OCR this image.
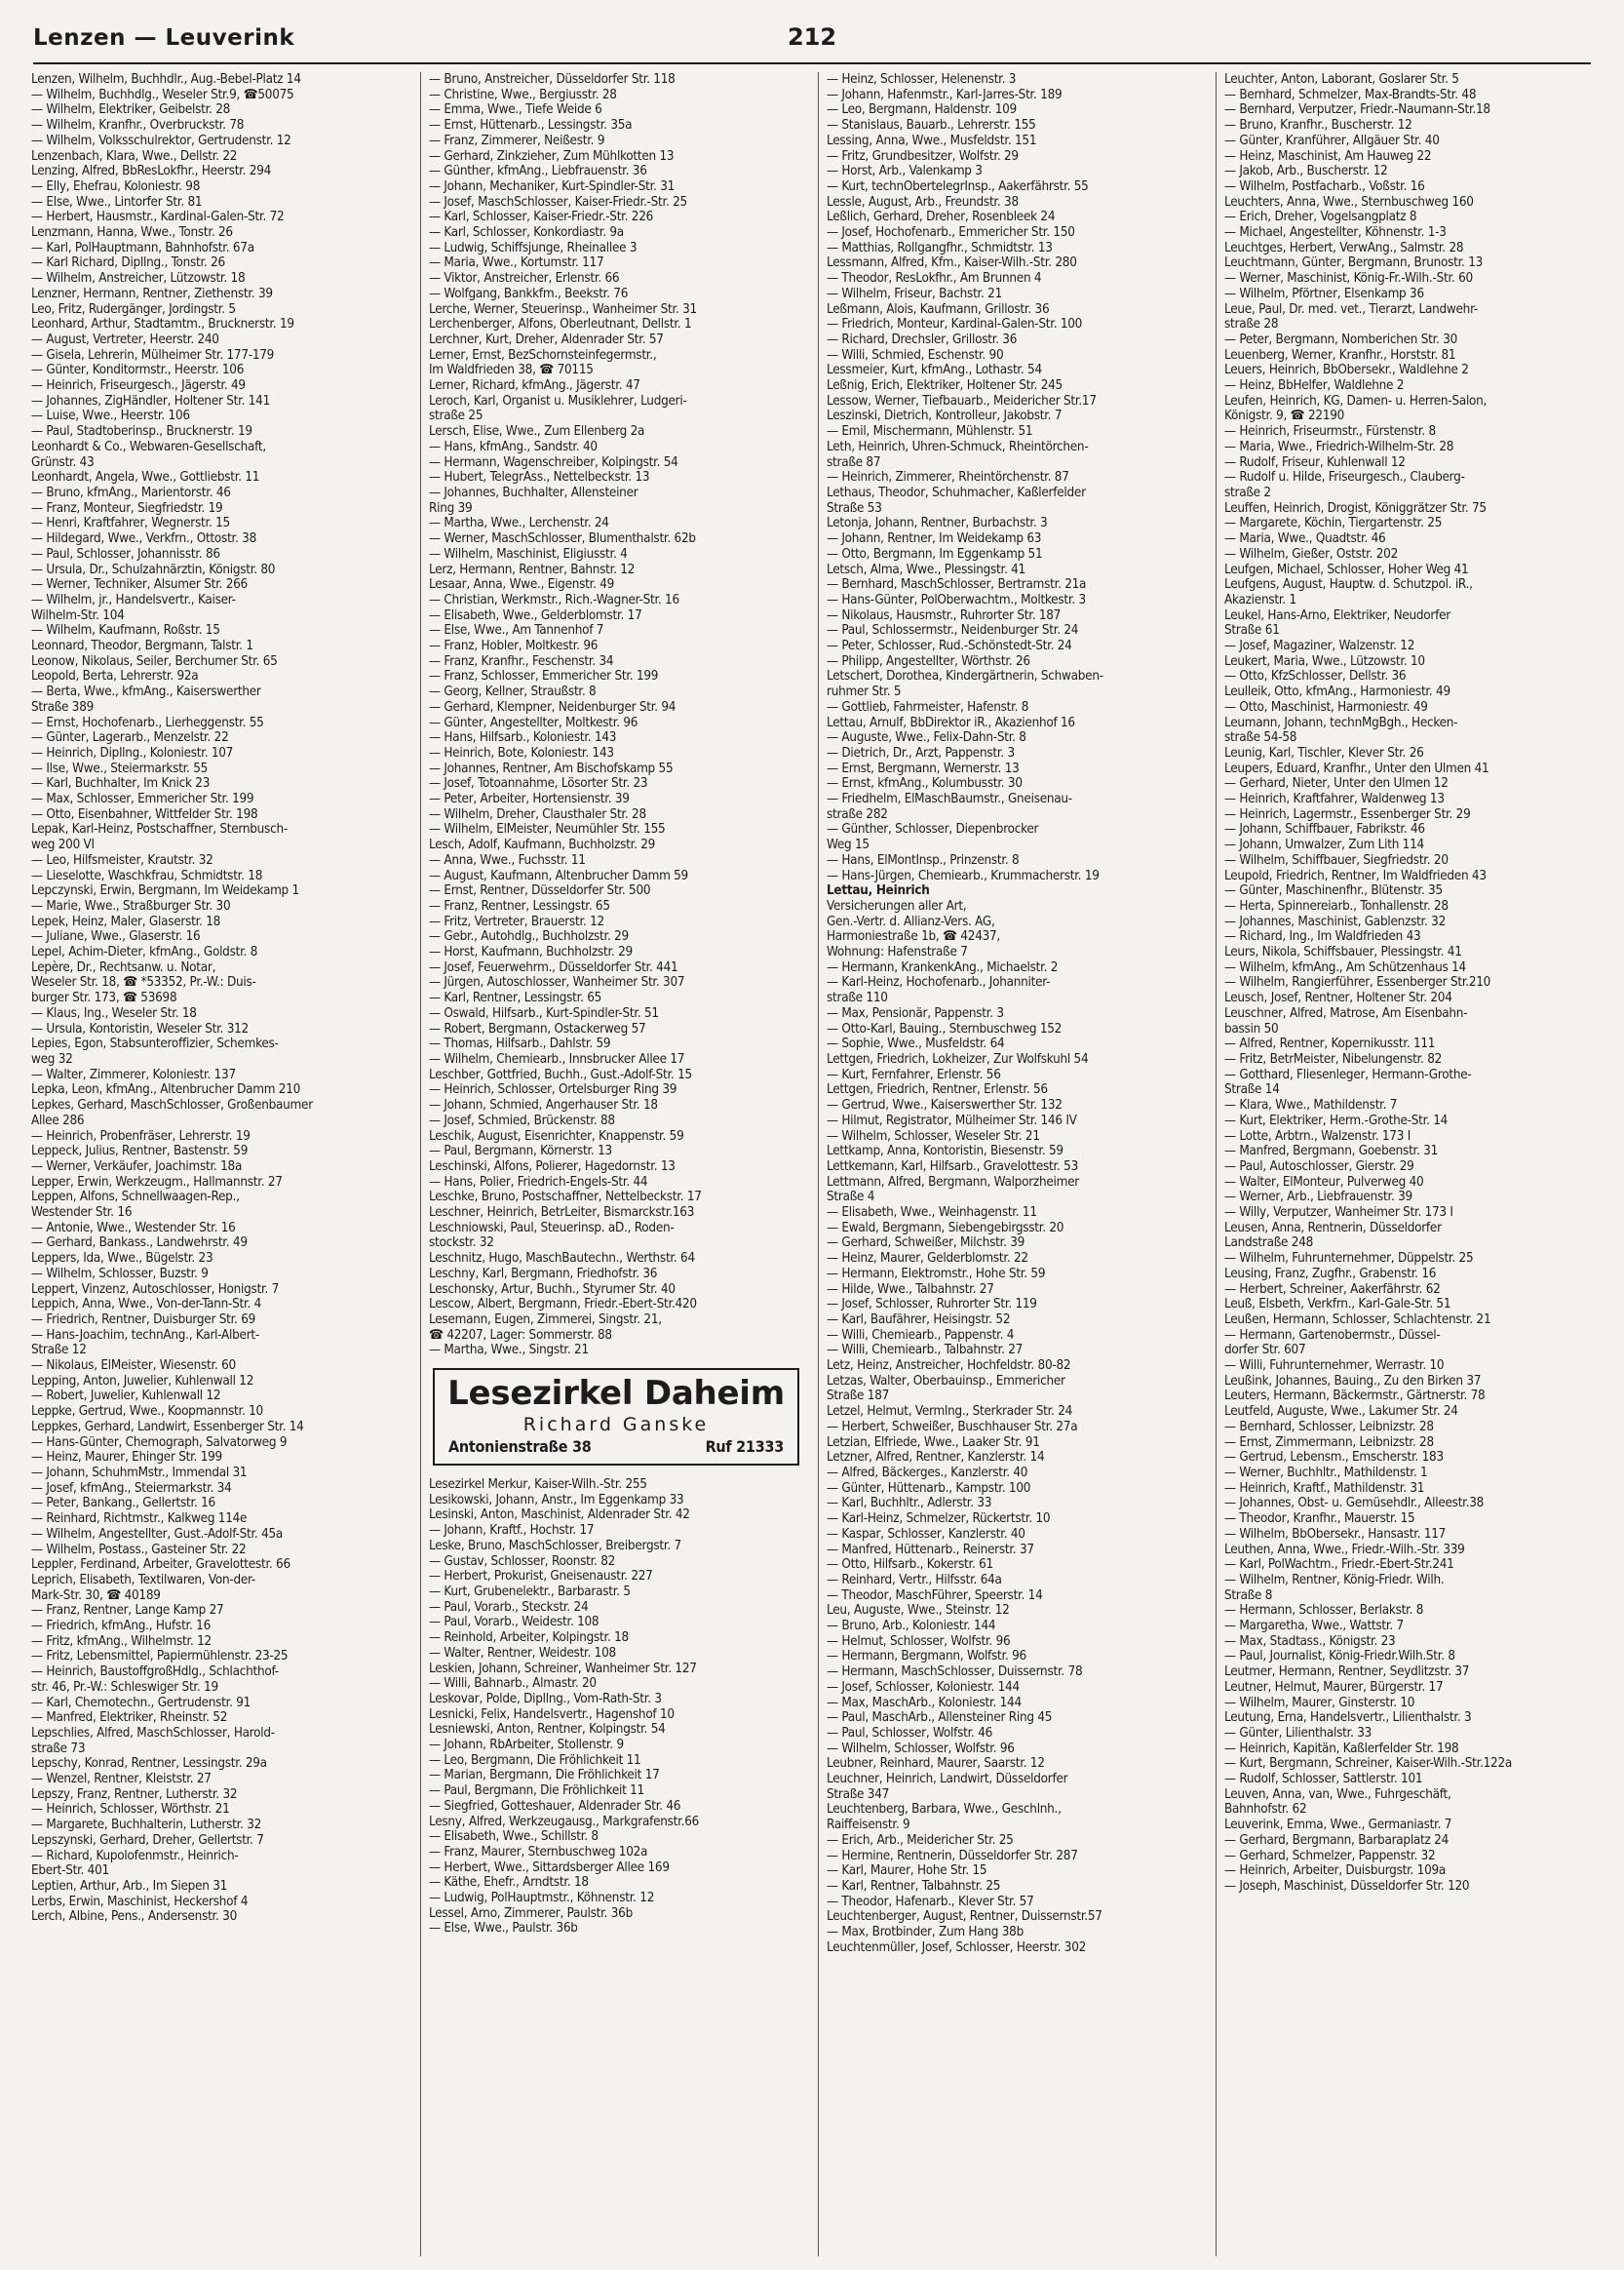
Lenzen — Leuverink	212
Lenzen, Wilhelm, Buchhdlr., Aug.-Bebel-Platz 14
— Wilhelm, Buchhdlg., Weseler Str.9, ☎50075
— Wilhelm, Elektriker, Geibelstr. 28
— Wilhelm, Kranfhr., Overbruckstr. 78
— Wilhelm, Volksschulrektor, Gertrudenstr. 12
Lenzenbach, Klara, Wwe., Dellstr. 22
Lenzing, Alfred, BbResLokfhr., Heerstr. 294
— Elly, Ehefrau, Koloniestr. 98
— Else, Wwe., Lintorfer Str. 81
— Herbert, Hausmstr., Kardinal-Galen-Str. 72
Lenzmann, Hanna, Wwe., Tonstr. 26
— Karl, PolHauptmann, Bahnhofstr. 67a
— Karl Richard, Dipllng., Tonstr. 26
— Wilhelm, Anstreicher, Lützowstr. 18
Lenzner, Hermann, Rentner, Ziethenstr. 39
Leo, Fritz, Rudergänger, Jordingstr. 5
Leonhard, Arthur, Stadtamtm., Brucknerstr. 19
— August, Vertreter, Heerstr. 240
— Gisela, Lehrerin, Mülheimer Str. 177-179
— Günter, Konditormstr., Heerstr. 106
— Heinrich, Friseurgesch., Jägerstr. 49
— Johannes, ZigHändler, Holtener Str. 141
— Luise, Wwe., Heerstr. 106
— Paul, Stadtoberinsp., Brucknerstr. 19
Leonhardt & Co., Webwaren-Gesellschaft,
Grünstr. 43
Leonhardt, Angela, Wwe., Gottliebstr. 11
— Bruno, kfmAng., Marientorstr. 46
— Franz, Monteur, Siegfriedstr. 19
— Henri, Kraftfahrer, Wegnerstr. 15
— Hildegard, Wwe., Verkfrn., Ottostr. 38
— Paul, Schlosser, Johannisstr. 86
— Ursula, Dr., Schulzahnärztin, Königstr. 80
— Werner, Techniker, Alsumer Str. 266
— Wilhelm, jr., Handelsvertr., Kaiser-
Wilhelm-Str. 104
— Wilhelm, Kaufmann, Roßstr. 15
Leonnard, Theodor, Bergmann, Talstr. 1
Leonow, Nikolaus, Seiler, Berchumer Str. 65
Leopold, Berta, Lehrerstr. 92a
— Berta, Wwe., kfmAng., Kaiserswerther
Straße 389
— Ernst, Hochofenarb., Lierheggenstr. 55
— Günter, Lagerarb., Menzelstr. 22
— Heinrich, Dipllng., Koloniestr. 107
— Ilse, Wwe., Steiermarkstr. 55
— Karl, Buchhalter, Im Knick 23
— Max, Schlosser, Emmericher Str. 199
— Otto, Eisenbahner, Wittfelder Str. 198
Lepak, Karl-Heinz, Postschaffner, Sternbusch-
weg 200 VI
— Leo, Hilfsmeister, Krautstr. 32
— Lieselotte, Waschkfrau, Schmidtstr. 18
Lepczynski, Erwin, Bergmann, Im Weidekamp 1
— Marie, Wwe., Straßburger Str. 30
Lepek, Heinz, Maler, Glaserstr. 18
— Juliane, Wwe., Glaserstr. 16
Lepel, Achim-Dieter, kfmAng., Goldstr. 8
Lepère, Dr., Rechtsanw. u. Notar,
Weseler Str. 18, ☎ *53352, Pr.-W.: Duis-
burger Str. 173, ☎ 53698
— Klaus, Ing., Weseler Str. 18
— Ursula, Kontoristin, Weseler Str. 312
Lepies, Egon, Stabsunteroffizier, Schemkes-
weg 32
— Walter, Zimmerer, Koloniestr. 137
Lepka, Leon, kfmAng., Altenbrucher Damm 210
Lepkes, Gerhard, MaschSchlosser, Großenbaumer
Allee 286
— Heinrich, Probenfräser, Lehrerstr. 19
Leppeck, Julius, Rentner, Bastenstr. 59
— Werner, Verkäufer, Joachimstr. 18a
Lepper, Erwin, Werkzeugm., Hallmannstr. 27
Leppen, Alfons, Schnellwaagen-Rep.,
Westender Str. 16
— Antonie, Wwe., Westender Str. 16
— Gerhard, Bankass., Landwehrstr. 49
Leppers, Ida, Wwe., Bügelstr. 23
— Wilhelm, Schlosser, Buzstr. 9
Leppert, Vinzenz, Autoschlosser, Honigstr. 7
Leppich, Anna, Wwe., Von-der-Tann-Str. 4
— Friedrich, Rentner, Duisburger Str. 69
— Hans-Joachim, technAng., Karl-Albert-
Straße 12
— Nikolaus, ElMeister, Wiesenstr. 60
Lepping, Anton, Juwelier, Kuhlenwall 12
— Robert, Juwelier, Kuhlenwall 12
Leppke, Gertrud, Wwe., Koopmannstr. 10
Leppkes, Gerhard, Landwirt, Essenberger Str. 14
— Hans-Günter, Chemograph, Salvatorweg 9
— Heinz, Maurer, Ehinger Str. 199
— Johann, SchuhmMstr., Immendal 31
— Josef, kfmAng., Steiermarkstr. 34
— Peter, Bankang., Gellertstr. 16
— Reinhard, Richtmstr., Kalkweg 114e
— Wilhelm, Angestellter, Gust.-Adolf-Str. 45a
— Wilhelm, Postass., Gasteiner Str. 22
Leppler, Ferdinand, Arbeiter, Gravelottestr. 66
Leprich, Elisabeth, Textilwaren, Von-der-
Mark-Str. 30, ☎ 40189
— Franz, Rentner, Lange Kamp 27
— Friedrich, kfmAng., Hufstr. 16
— Fritz, kfmAng., Wilhelmstr. 12
— Fritz, Lebensmittel, Papiermühlenstr. 23-25
— Heinrich, BaustoffgroßHdlg., Schlachthof-
str. 46, Pr.-W.: Schleswiger Str. 19
— Karl, Chemotechn., Gertrudenstr. 91
— Manfred, Elektriker, Rheinstr. 52
Lepschlies, Alfred, MaschSchlosser, Harold-
straße 73
Lepschy, Konrad, Rentner, Lessingstr. 29a
— Wenzel, Rentner, Kleiststr. 27
Lepszy, Franz, Rentner, Lutherstr. 32
— Heinrich, Schlosser, Wörthstr. 21
— Margarete, Buchhalterin, Lutherstr. 32
Lepszynski, Gerhard, Dreher, Gellertstr. 7
— Richard, Kupolofenmstr., Heinrich-
Ebert-Str. 401
Leptien, Arthur, Arb., Im Siepen 31
Lerbs, Erwin, Maschinist, Heckershof 4
Lerch, Albine, Pens., Andersenstr. 30
— Bruno, Anstreicher, Düsseldorfer Str. 118
— Christine, Wwe., Bergiusstr. 28
— Emma, Wwe., Tiefe Weide 6
— Ernst, Hüttenarb., Lessingstr. 35a
— Franz, Zimmerer, Neißestr. 9
— Gerhard, Zinkzieher, Zum Mühlkotten 13
— Günther, kfmAng., Liebfrauenstr. 36
— Johann, Mechaniker, Kurt-Spindler-Str. 31
— Josef, MaschSchlosser, Kaiser-Friedr.-Str. 25
— Karl, Schlosser, Kaiser-Friedr.-Str. 226
— Karl, Schlosser, Konkordiastr. 9a
— Ludwig, Schiffsjunge, Rheinallee 3
— Maria, Wwe., Kortumstr. 117
— Viktor, Anstreicher, Erlenstr. 66
— Wolfgang, Bankkfm., Beekstr. 76
Lerche, Werner, Steuerinsp., Wanheimer Str. 31
Lerchenberger, Alfons, Oberleutnant, Dellstr. 1
Lerchner, Kurt, Dreher, Aldenrader Str. 57
Lerner, Ernst, BezSchornsteinfegermstr.,
Im Waldfrieden 38, ☎ 70115
Lerner, Richard, kfmAng., Jägerstr. 47
Leroch, Karl, Organist u. Musiklehrer, Ludgeri-
straße 25
Lersch, Elise, Wwe., Zum Ellenberg 2a
— Hans, kfmAng., Sandstr. 40
— Hermann, Wagenschreiber, Kolpingstr. 54
— Hubert, TelegrAss., Nettelbeckstr. 13
— Johannes, Buchhalter, Allensteiner
Ring 39
— Martha, Wwe., Lerchenstr. 24
— Werner, MaschSchlosser, Blumenthalstr. 62b
— Wilhelm, Maschinist, Eligiusstr. 4
Lerz, Hermann, Rentner, Bahnstr. 12
Lesaar, Anna, Wwe., Eigenstr. 49
— Christian, Werkmstr., Rich.-Wagner-Str. 16
— Elisabeth, Wwe., Gelderblomstr. 17
— Else, Wwe., Am Tannenhof 7
— Franz, Hobler, Moltkestr. 96
— Franz, Kranfhr., Feschenstr. 34
— Franz, Schlosser, Emmericher Str. 199
— Georg, Kellner, Straußstr. 8
— Gerhard, Klempner, Neidenburger Str. 94
— Günter, Angestellter, Moltkestr. 96
— Hans, Hilfsarb., Koloniestr. 143
— Heinrich, Bote, Koloniestr. 143
— Johannes, Rentner, Am Bischofskamp 55
— Josef, Totoannahme, Lösorter Str. 23
— Peter, Arbeiter, Hortensienstr. 39
— Wilhelm, Dreher, Clausthaler Str. 28
— Wilhelm, ElMeister, Neumühler Str. 155
Lesch, Adolf, Kaufmann, Buchholzstr. 29
— Anna, Wwe., Fuchsstr. 11
— August, Kaufmann, Altenbrucher Damm 59
— Ernst, Rentner, Düsseldorfer Str. 500
— Franz, Rentner, Lessingstr. 65
— Fritz, Vertreter, Brauerstr. 12
— Gebr., Autohdlg., Buchholzstr. 29
— Horst, Kaufmann, Buchholzstr. 29
— Josef, Feuerwehrm., Düsseldorfer Str. 441
— Jürgen, Autoschlosser, Wanheimer Str. 307
— Karl, Rentner, Lessingstr. 65
— Oswald, Hilfsarb., Kurt-Spindler-Str. 51
— Robert, Bergmann, Ostackerweg 57
— Thomas, Hilfsarb., Dahlstr. 59
— Wilhelm, Chemiearb., Innsbrucker Allee 17
Leschber, Gottfried, Buchh., Gust.-Adolf-Str. 15
— Heinrich, Schlosser, Ortelsburger Ring 39
— Johann, Schmied, Angerhauser Str. 18
— Josef, Schmied, Brückenstr. 88
Leschik, August, Eisenrichter, Knappenstr. 59
— Paul, Bergmann, Körnerstr. 13
Leschinski, Alfons, Polierer, Hagedornstr. 13
— Hans, Polier, Friedrich-Engels-Str. 44
Leschke, Bruno, Postschaffner, Nettelbeckstr. 17
Leschner, Heinrich, BetrLeiter, Bismarckstr.163
Leschniowski, Paul, Steuerinsp. aD., Roden-
stockstr. 32
Leschnitz, Hugo, MaschBautechn., Werthstr. 64
Leschny, Karl, Bergmann, Friedhofstr. 36
Leschonsky, Artur, Buchh., Styrumer Str. 40
Lescow, Albert, Bergmann, Friedr.-Ebert-Str.420
Lesemann, Eugen, Zimmerei, Singstr. 21,
☎ 42207, Lager: Sommerstr. 88
— Martha, Wwe., Singstr. 21
Lesezirkel Daheim
Richard Ganske
Antonienstraße 38	Ruf 21333
Lesezirkel Merkur, Kaiser-Wilh.-Str. 255
Lesikowski, Johann, Anstr., Im Eggenkamp 33
Lesinski, Anton, Maschinist, Aldenrader Str. 42
— Johann, Kraftf., Hochstr. 17
Leske, Bruno, MaschSchlosser, Breibergstr. 7
— Gustav, Schlosser, Roonstr. 82
— Herbert, Prokurist, Gneisenaustr. 227
— Kurt, Grubenelektr., Barbarastr. 5
— Paul, Vorarb., Steckstr. 24
— Paul, Vorarb., Weidestr. 108
— Reinhold, Arbeiter, Kolpingstr. 18
— Walter, Rentner, Weidestr. 108
Leskien, Johann, Schreiner, Wanheimer Str. 127
— Willi, Bahnarb., Almastr. 20
Leskovar, Polde, Dipllng., Vom-Rath-Str. 3
Lesnicki, Felix, Handelsvertr., Hagenshof 10
Lesniewski, Anton, Rentner, Kolpingstr. 54
— Johann, RbArbeiter, Stollenstr. 9
— Leo, Bergmann, Die Fröhlichkeit 11
— Marian, Bergmann, Die Fröhlichkeit 17
— Paul, Bergmann, Die Fröhlichkeit 11
— Siegfried, Gotteshauer, Aldenrader Str. 46
Lesny, Alfred, Werkzeugausg., Markgrafenstr.66
— Elisabeth, Wwe., Schillstr. 8
— Franz, Maurer, Sternbuschweg 102a
— Herbert, Wwe., Sittardsberger Allee 169
— Käthe, Ehefr., Arndtstr. 18
— Ludwig, PolHauptmstr., Köhnenstr. 12
Lessel, Arno, Zimmerer, Paulstr. 36b
— Else, Wwe., Paulstr. 36b
— Heinz, Schlosser, Helenenstr. 3
— Johann, Hafenmstr., Karl-Jarres-Str. 189
— Leo, Bergmann, Haldenstr. 109
— Stanislaus, Bauarb., Lehrerstr. 155
Lessing, Anna, Wwe., Musfeldstr. 151
— Fritz, Grundbesitzer, Wolfstr. 29
— Horst, Arb., Valenkamp 3
— Kurt, technObertelegrInsp., Aakerfährstr. 55
Lessle, August, Arb., Freundstr. 38
Leßlich, Gerhard, Dreher, Rosenbleek 24
— Josef, Hochofenarb., Emmericher Str. 150
— Matthias, Rollgangfhr., Schmidtstr. 13
Lessmann, Alfred, Kfm., Kaiser-Wilh.-Str. 280
— Theodor, ResLokfhr., Am Brunnen 4
— Wilhelm, Friseur, Bachstr. 21
Leßmann, Alois, Kaufmann, Grillostr. 36
— Friedrich, Monteur, Kardinal-Galen-Str. 100
— Richard, Drechsler, Grillostr. 36
— Willi, Schmied, Eschenstr. 90
Lessmeier, Kurt, kfmAng., Lothastr. 54
Leßnig, Erich, Elektriker, Holtener Str. 245
Lessow, Werner, Tiefbauarb., Meidericher Str.17
Leszinski, Dietrich, Kontrolleur, Jakobstr. 7
— Emil, Mischermann, Mühlenstr. 51
Leth, Heinrich, Uhren-Schmuck, Rheintörchen-
straße 87
— Heinrich, Zimmerer, Rheintörchenstr. 87
Lethaus, Theodor, Schuhmacher, Kaßlerfelder
Straße 53
Letonja, Johann, Rentner, Burbachstr. 3
— Johann, Rentner, Im Weidekamp 63
— Otto, Bergmann, Im Eggenkamp 51
Letsch, Alma, Wwe., Plessingstr. 41
— Bernhard, MaschSchlosser, Bertramstr. 21a
— Hans-Günter, PolOberwachtm., Moltkestr. 3
— Nikolaus, Hausmstr., Ruhrorter Str. 187
— Paul, Schlossermstr., Neidenburger Str. 24
— Peter, Schlosser, Rud.-Schönstedt-Str. 24
— Philipp, Angestellter, Wörthstr. 26
Letschert, Dorothea, Kindergärtnerin, Schwaben-
ruhmer Str. 5
— Gottlieb, Fahrmeister, Hafenstr. 8
Lettau, Arnulf, BbDirektor iR., Akazienhof 16
— Auguste, Wwe., Felix-Dahn-Str. 8
— Dietrich, Dr., Arzt, Pappenstr. 3
— Ernst, Bergmann, Wernerstr. 13
— Ernst, kfmAng., Kolumbusstr. 30
— Friedhelm, ElMaschBaumstr., Gneisenau-
straße 282
— Günther, Schlosser, Diepenbrocker
Weg 15
— Hans, ElMontInsp., Prinzenstr. 8
— Hans-Jürgen, Chemiearb., Krummacherstr. 19
Lettau, Heinrich
Versicherungen aller Art,
Gen.-Vertr. d. Allianz-Vers. AG,
Harmoniestraße 1b, ☎ 42437,
Wohnung: Hafenstraße 7
— Hermann, KrankenkAng., Michaelstr. 2
— Karl-Heinz, Hochofenarb., Johanniter-
straße 110
— Max, Pensionär, Pappenstr. 3
— Otto-Karl, Bauing., Sternbuschweg 152
— Sophie, Wwe., Musfeldstr. 64
Lettgen, Friedrich, Lokheizer, Zur Wolfskuhl 54
— Kurt, Fernfahrer, Erlenstr. 56
Lettgen, Friedrich, Rentner, Erlenstr. 56
— Gertrud, Wwe., Kaiserswerther Str. 132
— Hilmut, Registrator, Mülheimer Str. 146 IV
— Wilhelm, Schlosser, Weseler Str. 21
Lettkamp, Anna, Kontoristin, Biesenstr. 59
Lettkemann, Karl, Hilfsarb., Gravelottestr. 53
Lettmann, Alfred, Bergmann, Walporzheimer
Straße 4
— Elisabeth, Wwe., Weinhagenstr. 11
— Ewald, Bergmann, Siebengebirgsstr. 20
— Gerhard, Schweißer, Milchstr. 39
— Heinz, Maurer, Gelderblomstr. 22
— Hermann, Elektromstr., Hohe Str. 59
— Hilde, Wwe., Talbahnstr. 27
— Josef, Schlosser, Ruhrorter Str. 119
— Karl, Baufährer, Heisingstr. 52
— Willi, Chemiearb., Pappenstr. 4
— Willi, Chemiearb., Talbahnstr. 27
Letz, Heinz, Anstreicher, Hochfeldstr. 80-82
Letzas, Walter, Oberbauinsp., Emmericher
Straße 187
Letzel, Helmut, Vermlng., Sterkrader Str. 24
— Herbert, Schweißer, Buschhauser Str. 27a
Letzian, Elfriede, Wwe., Laaker Str. 91
Letzner, Alfred, Rentner, Kanzlerstr. 14
— Alfred, Bäckerges., Kanzlerstr. 40
— Günter, Hüttenarb., Kampstr. 100
— Karl, Buchhltr., Adlerstr. 33
— Karl-Heinz, Schmelzer, Rückertstr. 10
— Kaspar, Schlosser, Kanzlerstr. 40
— Manfred, Hüttenarb., Reinerstr. 37
— Otto, Hilfsarb., Kokerstr. 61
— Reinhard, Vertr., Hilfsstr. 64a
— Theodor, MaschFührer, Speerstr. 14
Leu, Auguste, Wwe., Steinstr. 12
— Bruno, Arb., Koloniestr. 144
— Helmut, Schlosser, Wolfstr. 96
— Hermann, Bergmann, Wolfstr. 96
— Hermann, MaschSchlosser, Duissernstr. 78
— Josef, Schlosser, Koloniestr. 144
— Max, MaschArb., Koloniestr. 144
— Paul, MaschArb., Allensteiner Ring 45
— Paul, Schlosser, Wolfstr. 46
— Wilhelm, Schlosser, Wolfstr. 96
Leubner, Reinhard, Maurer, Saarstr. 12
Leuchner, Heinrich, Landwirt, Düsseldorfer
Straße 347
Leuchtenberg, Barbara, Wwe., Geschlnh.,
Raiffeisenstr. 9
— Erich, Arb., Meidericher Str. 25
— Hermine, Rentnerin, Düsseldorfer Str. 287
— Karl, Maurer, Hohe Str. 15
— Karl, Rentner, Talbahnstr. 25
— Theodor, Hafenarb., Klever Str. 57
Leuchtenberger, August, Rentner, Duissernstr.57
— Max, Brotbinder, Zum Hang 38b
Leuchtenmüller, Josef, Schlosser, Heerstr. 302
Leuchter, Anton, Laborant, Goslarer Str. 5
— Bernhard, Schmelzer, Max-Brandts-Str. 48
— Bernhard, Verputzer, Friedr.-Naumann-Str.18
— Bruno, Kranfhr., Buscherstr. 12
— Günter, Kranführer, Allgäuer Str. 40
— Heinz, Maschinist, Am Hauweg 22
— Jakob, Arb., Buscherstr. 12
— Wilhelm, Postfacharb., Voßstr. 16
Leuchters, Anna, Wwe., Sternbuschweg 160
— Erich, Dreher, Vogelsangplatz 8
— Michael, Angestellter, Köhnenstr. 1-3
Leuchtges, Herbert, VerwAng., Salmstr. 28
Leuchtmann, Günter, Bergmann, Brunostr. 13
— Werner, Maschinist, König-Fr.-Wilh.-Str. 60
— Wilhelm, Pförtner, Elsenkamp 36
Leue, Paul, Dr. med. vet., Tierarzt, Landwehr-
straße 28
— Peter, Bergmann, Nomberichen Str. 30
Leuenberg, Werner, Kranfhr., Horststr. 81
Leuers, Heinrich, BbObersekr., Waldlehne 2
— Heinz, BbHelfer, Waldlehne 2
Leufen, Heinrich, KG, Damen- u. Herren-Salon,
Königstr. 9, ☎ 22190
— Heinrich, Friseurmstr., Fürstenstr. 8
— Maria, Wwe., Friedrich-Wilhelm-Str. 28
— Rudolf, Friseur, Kuhlenwall 12
— Rudolf u. Hilde, Friseurgesch., Clauberg-
straße 2
Leuffen, Heinrich, Drogist, Königgrätzer Str. 75
— Margarete, Köchin, Tiergartenstr. 25
— Maria, Wwe., Quadtstr. 46
— Wilhelm, Gießer, Oststr. 202
Leufgen, Michael, Schlosser, Hoher Weg 41
Leufgens, August, Hauptw. d. Schutzpol. iR.,
Akazienstr. 1
Leukel, Hans-Arno, Elektriker, Neudorfer
Straße 61
— Josef, Magaziner, Walzenstr. 12
Leukert, Maria, Wwe., Lützowstr. 10
— Otto, KfzSchlosser, Dellstr. 36
Leulleik, Otto, kfmAng., Harmoniestr. 49
— Otto, Maschinist, Harmoniestr. 49
Leumann, Johann, technMgBgh., Hecken-
straße 54-58
Leunig, Karl, Tischler, Klever Str. 26
Leupers, Eduard, Kranfhr., Unter den Ulmen 41
— Gerhard, Nieter, Unter den Ulmen 12
— Heinrich, Kraftfahrer, Waldenweg 13
— Heinrich, Lagermstr., Essenberger Str. 29
— Johann, Schiffbauer, Fabrikstr. 46
— Johann, Umwalzer, Zum Lith 114
— Wilhelm, Schiffbauer, Siegfriedstr. 20
Leupold, Friedrich, Rentner, Im Waldfrieden 43
— Günter, Maschinenfhr., Blütenstr. 35
— Herta, Spinnereiarb., Tonhallenstr. 28
— Johannes, Maschinist, Gablenzstr. 32
— Richard, Ing., Im Waldfrieden 43
Leurs, Nikola, Schiffsbauer, Plessingstr. 41
— Wilhelm, kfmAng., Am Schützenhaus 14
— Wilhelm, Rangierführer, Essenberger Str.210
Leusch, Josef, Rentner, Holtener Str. 204
Leuschner, Alfred, Matrose, Am Eisenbahn-
bassin 50
— Alfred, Rentner, Kopernikusstr. 111
— Fritz, BetrMeister, Nibelungenstr. 82
— Gotthard, Fliesenleger, Hermann-Grothe-
Straße 14
— Klara, Wwe., Mathildenstr. 7
— Kurt, Elektriker, Herm.-Grothe-Str. 14
— Lotte, Arbtrn., Walzenstr. 173 I
— Manfred, Bergmann, Goebenstr. 31
— Paul, Autoschlosser, Gierstr. 29
— Walter, ElMonteur, Pulverweg 40
— Werner, Arb., Liebfrauenstr. 39
— Willy, Verputzer, Wanheimer Str. 173 I
Leusen, Anna, Rentnerin, Düsseldorfer
Landstraße 248
— Wilhelm, Fuhrunternehmer, Düppelstr. 25
Leusing, Franz, Zugfhr., Grabenstr. 16
— Herbert, Schreiner, Aakerfährstr. 62
Leuß, Elsbeth, Verkfrn., Karl-Gale-Str. 51
Leußen, Hermann, Schlosser, Schlachtenstr. 21
— Hermann, Gartenobermstr., Düssel-
dorfer Str. 607
— Willi, Fuhrunternehmer, Werrastr. 10
Leußink, Johannes, Bauing., Zu den Birken 37
Leuters, Hermann, Bäckermstr., Gärtnerstr. 78
Leutfeld, Auguste, Wwe., Lakumer Str. 24
— Bernhard, Schlosser, Leibnizstr. 28
— Ernst, Zimmermann, Leibnizstr. 28
— Gertrud, Lebensm., Emscherstr. 183
— Werner, Buchhltr., Mathildenstr. 1
— Heinrich, Kraftf., Mathildenstr. 31
— Johannes, Obst- u. Gemüsehdlr., Alleestr.38
— Theodor, Kranfhr., Mauerstr. 15
— Wilhelm, BbObersekr., Hansastr. 117
Leuthen, Anna, Wwe., Friedr.-Wilh.-Str. 339
— Karl, PolWachtm., Friedr.-Ebert-Str.241
— Wilhelm, Rentner, König-Friedr. Wilh.
Straße 8
— Hermann, Schlosser, Berlakstr. 8
— Margaretha, Wwe., Wattstr. 7
— Max, Stadtass., Königstr. 23
— Paul, Journalist, König-Friedr.Wilh.Str. 8
Leutmer, Hermann, Rentner, Seydlitzstr. 37
Leutner, Helmut, Maurer, Bürgerstr. 17
— Wilhelm, Maurer, Ginsterstr. 10
Leutung, Erna, Handelsvertr., Lilienthalstr. 3
— Günter, Lilienthalstr. 33
— Heinrich, Kapitän, Kaßlerfelder Str. 198
— Kurt, Bergmann, Schreiner, Kaiser-Wilh.-Str.122a
— Rudolf, Schlosser, Sattlerstr. 101
Leuven, Anna, van, Wwe., Fuhrgeschäft,
Bahnhofstr. 62
Leuverink, Emma, Wwe., Germaniastr. 7
— Gerhard, Bergmann, Barbaraplatz 24
— Gerhard, Schmelzer, Pappenstr. 32
— Heinrich, Arbeiter, Duisburgstr. 109a
— Joseph, Maschinist, Düsseldorfer Str. 120
